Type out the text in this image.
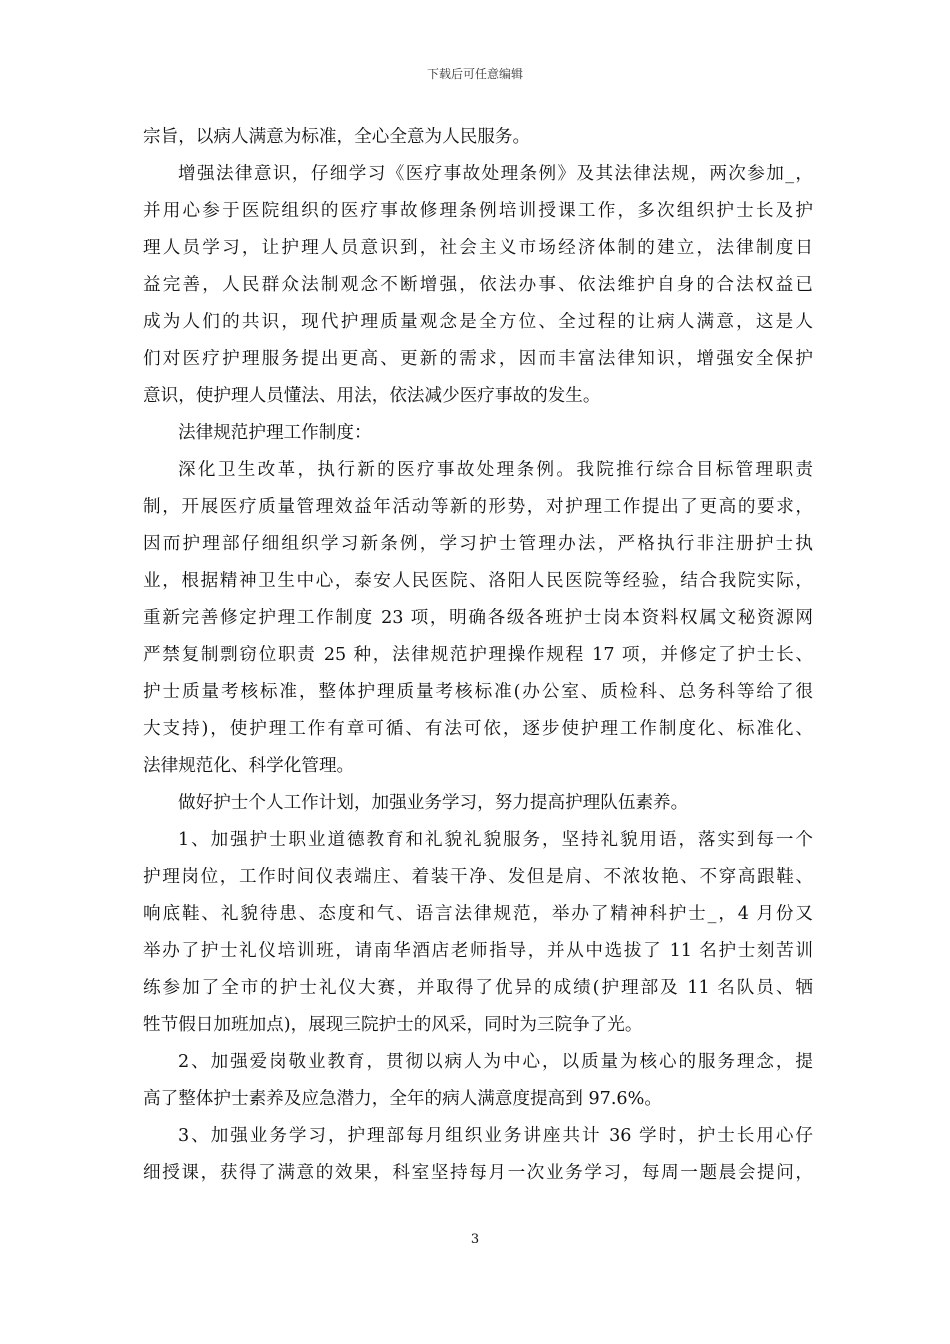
下载后可任意编辑
宗旨，以病人满意为标准，全心全意为人民服务。
增强法律意识，仔细学习《医疗事故处理条例》及其法律法规，两次参加_，
并用心参于医院组织的医疗事故修理条例培训授课工作，多次组织护士长及护
理人员学习，让护理人员意识到，社会主义市场经济体制的建立，法律制度日
益完善，人民群众法制观念不断增强，依法办事、依法维护自身的合法权益已
成为人们的共识，现代护理质量观念是全方位、全过程的让病人满意，这是人
们对医疗护理服务提出更高、更新的需求，因而丰富法律知识，增强安全保护
意识，使护理人员懂法、用法，依法减少医疗事故的发生。
法律规范护理工作制度：
深化卫生改革，执行新的医疗事故处理条例。我院推行综合目标管理职责
制，开展医疗质量管理效益年活动等新的形势，对护理工作提出了更高的要求，
因而护理部仔细组织学习新条例，学习护士管理办法，严格执行非注册护士执
业，根据精神卫生中心，泰安人民医院、洛阳人民医院等经验，结合我院实际，
重新完善修定护理工作制度 23 项，明确各级各班护士岗本资料权属文秘资源网
严禁复制剽窃位职责 25 种，法律规范护理操作规程 17 项，并修定了护士长、
护士质量考核标准，整体护理质量考核标准(办公室、质检科、总务科等给了很
大支持)，使护理工作有章可循、有法可依，逐步使护理工作制度化、标准化、
法律规范化、科学化管理。
做好护士个人工作计划，加强业务学习，努力提高护理队伍素养。
1、加强护士职业道德教育和礼貌礼貌服务，坚持礼貌用语，落实到每一个
护理岗位，工作时间仪表端庄、着装干净、发但是肩、不浓妆艳、不穿高跟鞋、
响底鞋、礼貌待患、态度和气、语言法律规范，举办了精神科护士_，4 月份又
举办了护士礼仪培训班，请南华酒店老师指导，并从中选拔了 11 名护士刻苦训
练参加了全市的护士礼仪大赛，并取得了优异的成绩(护理部及 11 名队员、牺
牲节假日加班加点)，展现三院护士的风采，同时为三院争了光。
2、加强爱岗敬业教育，贯彻以病人为中心，以质量为核心的服务理念，提
高了整体护士素养及应急潜力，全年的病人满意度提高到 97.6%。
3、加强业务学习，护理部每月组织业务讲座共计 36 学时，护士长用心仔
细授课，获得了满意的效果，科室坚持每月一次业务学习，每周一题晨会提问，
3
